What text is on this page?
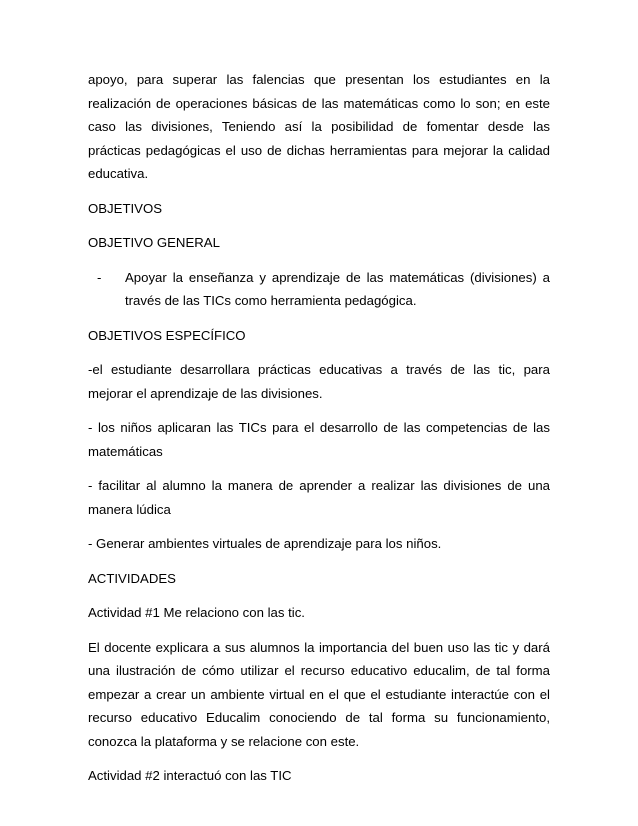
apoyo, para superar las falencias que presentan los estudiantes en la realización de operaciones básicas de las matemáticas como lo son; en este caso las divisiones, Teniendo así la posibilidad de fomentar desde las prácticas pedagógicas el uso de dichas herramientas para mejorar la calidad educativa.

OBJETIVOS

OBJETIVO GENERAL

- Apoyar la enseñanza y aprendizaje de las matemáticas (divisiones) a través de las TICs como herramienta pedagógica.

OBJETIVOS ESPECÍFICO

-el estudiante desarrollara prácticas educativas a través de las tic, para mejorar el aprendizaje de las divisiones.

- los niños aplicaran las TICs para el desarrollo de las competencias de las matemáticas

- facilitar al alumno la manera de aprender a realizar las divisiones de una manera lúdica

- Generar ambientes virtuales de aprendizaje para los niños.

ACTIVIDADES

Actividad #1 Me relaciono con las tic.

El docente explicara a sus alumnos la importancia del buen uso las tic y dará una ilustración de cómo utilizar el recurso educativo educalim, de tal forma empezar a crear un ambiente virtual en el que el estudiante interactúe con el recurso educativo Educalim conociendo de tal forma su funcionamiento, conozca la plataforma y se relacione con este.

Actividad #2 interactuó con las TIC
